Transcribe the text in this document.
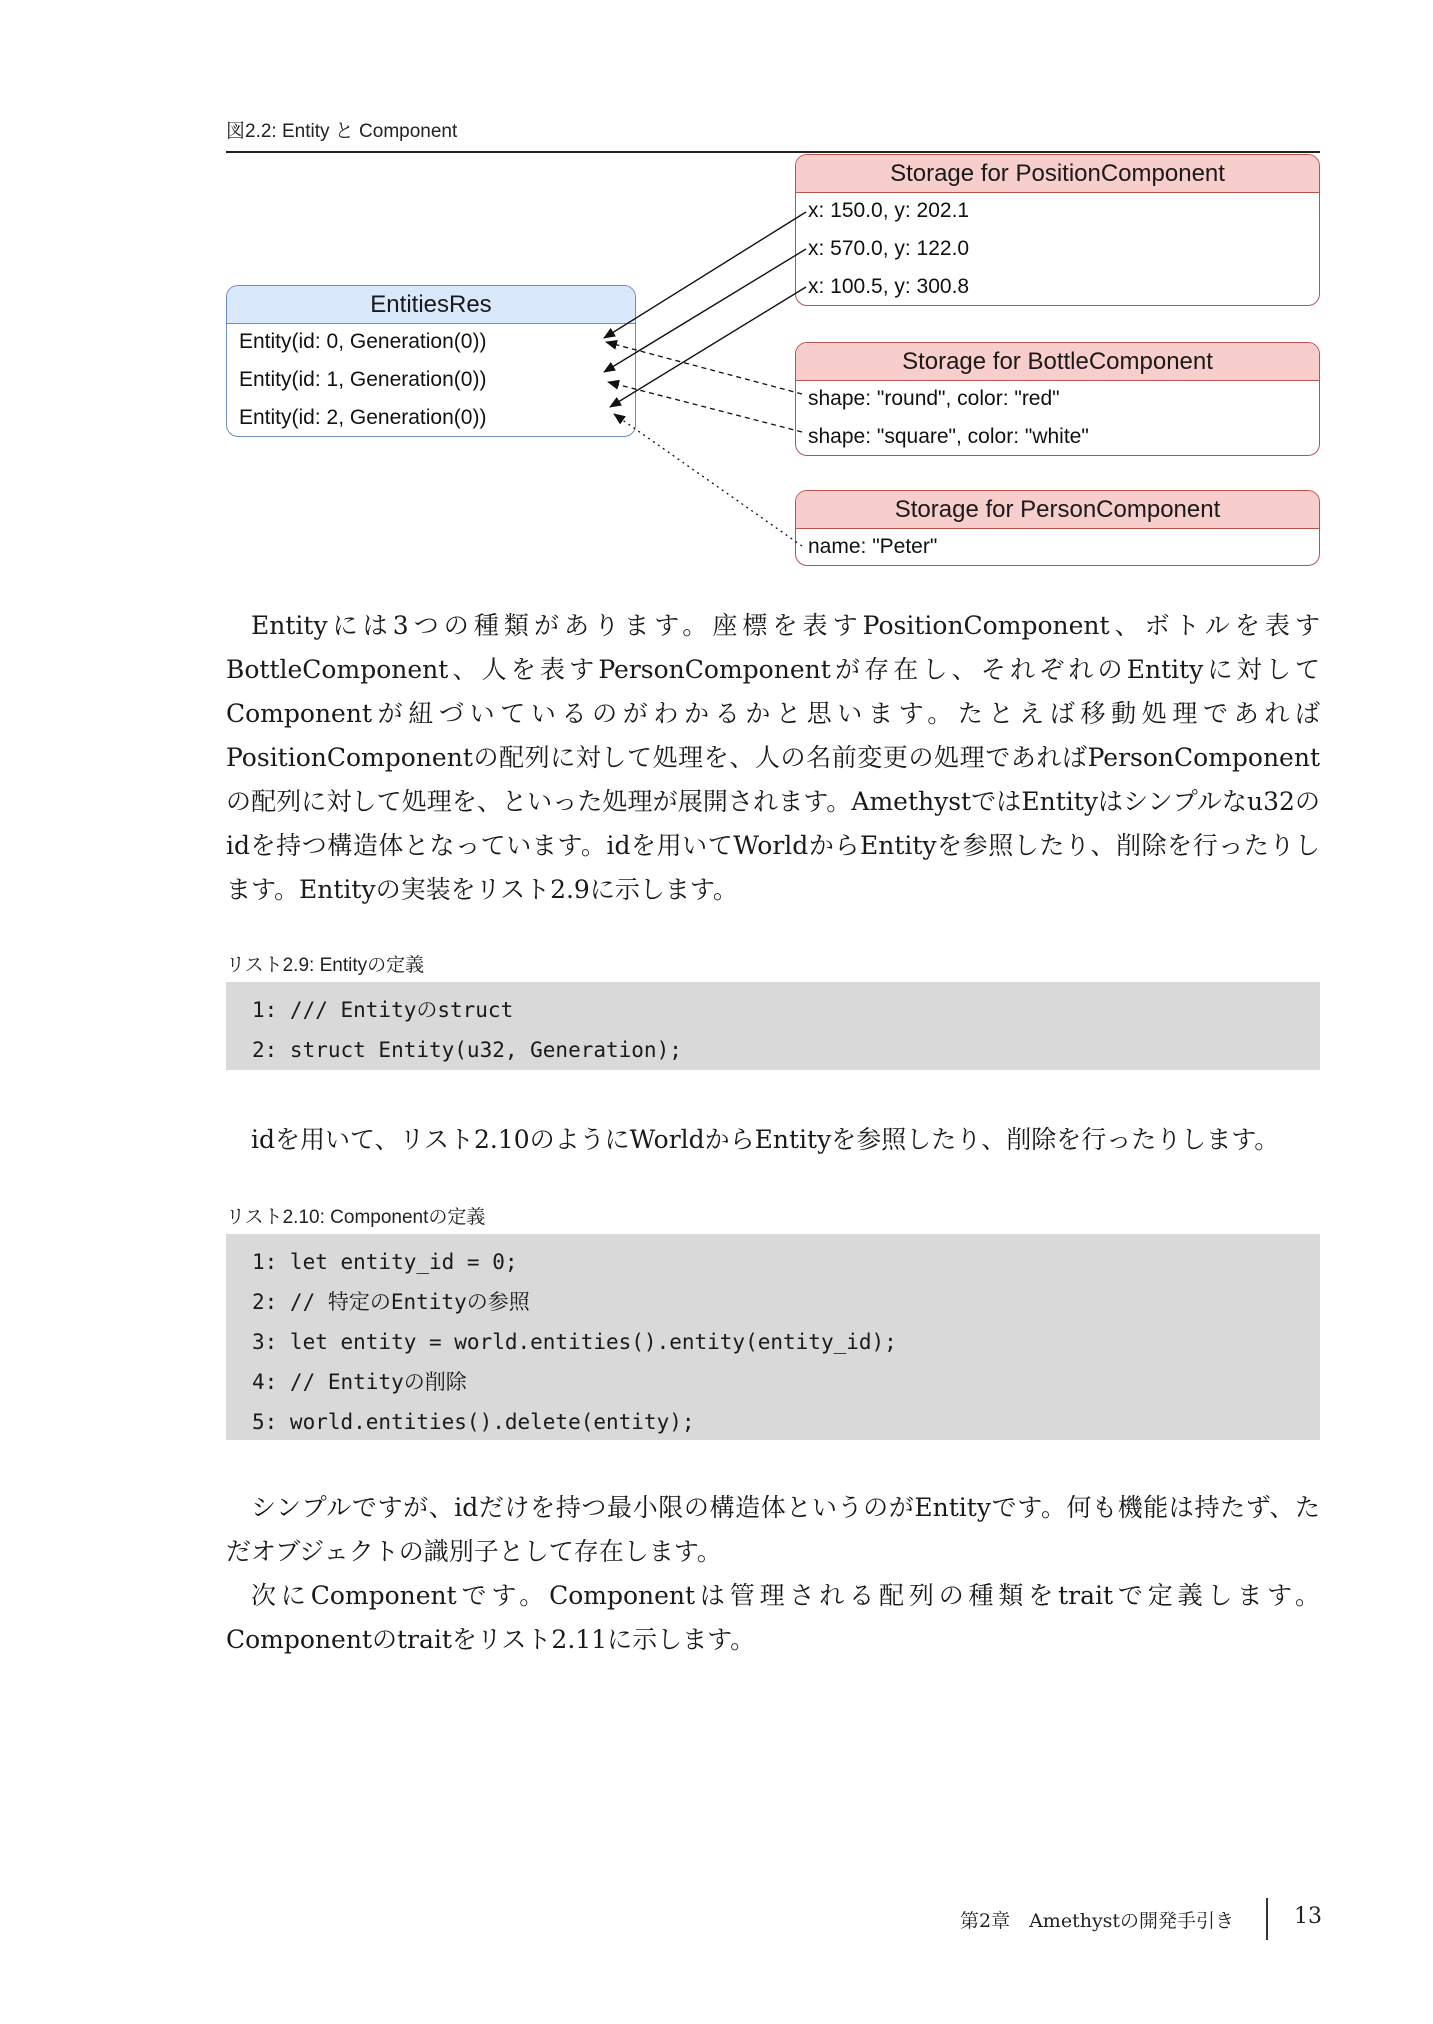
図2.2: Entity と Component
EntitiesRes
Entity(id: 0, Generation(0))
Entity(id: 1, Generation(0))
Entity(id: 2, Generation(0))
Storage for PositionComponent
x: 150.0, y: 202.1
x: 570.0, y: 122.0
x: 100.5, y: 300.8
Storage for BottleComponent
shape: "round", color: "red"
shape: "square", color: "white"
Storage for PersonComponent
name: "Peter"

Entityには3つの種類があります。座標を表すPositionComponent、ボトルを表すBottleComponent、人を表すPersonComponentが存在し、それぞれのEntityに対してComponentが紐づいているのがわかるかと思います。たとえば移動処理であればPositionComponentの配列に対して処理を、人の名前変更の処理であればPersonComponentの配列に対して処理を、といった処理が展開されます。AmethystではEntityはシンプルなu32のidを持つ構造体となっています。idを用いてWorldからEntityを参照したり、削除を行ったりします。Entityの実装をリスト2.9に示します。

リスト2.9: Entityの定義
1: /// Entityのstruct
2: struct Entity(u32, Generation);

idを用いて、リスト2.10のようにWorldからEntityを参照したり、削除を行ったりします。

リスト2.10: Componentの定義
1: let entity_id = 0;
2: // 特定のEntityの参照
3: let entity = world.entities().entity(entity_id);
4: // Entityの削除
5: world.entities().delete(entity);

シンプルですが、idだけを持つ最小限の構造体というのがEntityです。何も機能は持たず、ただオブジェクトの識別子として存在します。

次にComponentです。Componentは管理される配列の種類をtraitで定義します。Componentのtraitをリスト2.11に示します。

第2章　Amethystの開発手引き	13
